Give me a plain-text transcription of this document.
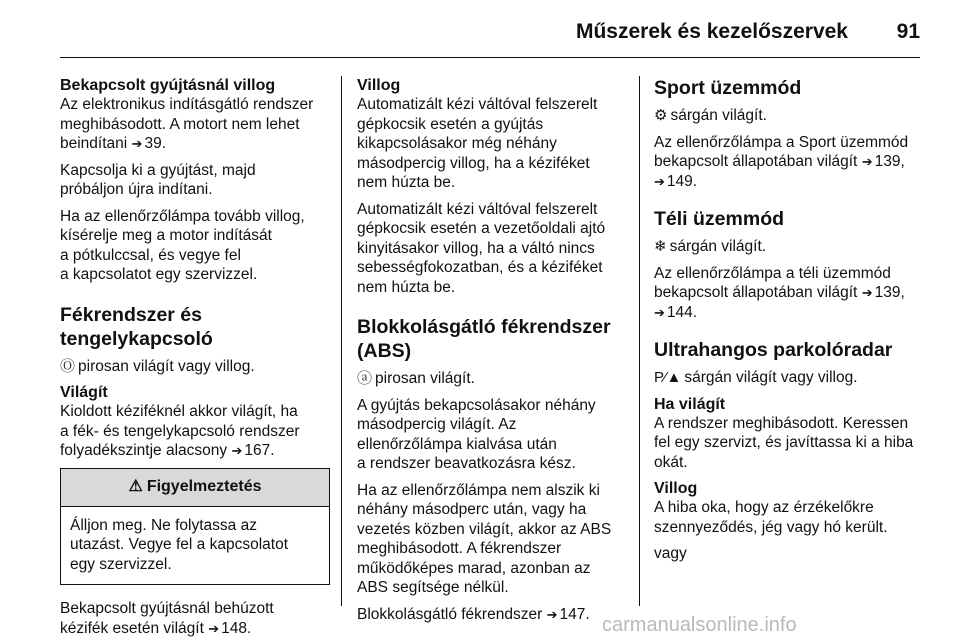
Műszerek és kezelőszervek 91
Bekapcsolt gyújtásnál villog

Az elektronikus indításgátló rendszer
meghibásodott. A motort nem lehet
beindítani ➔ 39.

Kapcsolja ki a gyújtást, majd
próbáljon újra indítani.

Ha az ellenőrzőlámpa tovább villog,
kísérelje meg a motor indítását
a pótkulccsal, és vegye fel
a kapcsolatot egy szervizzel.

Fékrendszer és
tengelykapcsoló

Ⓞ pirosan világít vagy villog.

Világít

Kioldott kéziféknél akkor világít, ha
a fék- és tengelykapcsoló rendszer
folyadékszintje alacsony ➔ 167.

⚠ Figyelmeztetés
Álljon meg. Ne folytassa az
utazást. Vegye fel a kapcsolatot
egy szervizzel.

Bekapcsolt gyújtásnál behúzott
kézifék esetén világít ➔ 148.

Villog

Automatizált kézi váltóval felszerelt
gépkocsik esetén a gyújtás
kikapcsolásakor még néhány
másodpercig villog, ha a kéziféket
nem húzta be.

Automatizált kézi váltóval felszerelt
gépkocsik esetén a vezetőoldali ajtó
kinyitásakor villog, ha a váltó nincs
sebességfokozatban, és a kéziféket
nem húzta be.

Blokkolásgátló fékrendszer
(ABS)

ⓐ pirosan világít.

A gyújtás bekapcsolásakor néhány
másodpercig világít. Az
ellenőrzőlámpa kialvása után
a rendszer beavatkozásra kész.

Ha az ellenőrzőlámpa nem alszik ki
néhány másodperc után, vagy ha
vezetés közben világít, akkor az ABS
meghibásodott. A fékrendszer
működőképes marad, azonban az
ABS segítsége nélkül.

Blokkolásgátló fékrendszer ➔ 147.

Sport üzemmód

⚙ sárgán világít.

Az ellenőrzőlámpa a Sport üzemmód
bekapcsolt állapotában világít ➔ 139,
➔ 149.

Téli üzemmód

❄ sárgán világít.

Az ellenőrzőlámpa a téli üzemmód
bekapcsolt állapotában világít ➔ 139,
➔ 144.

Ultrahangos parkolóradar

P⁄▲ sárgán világít vagy villog.

Ha világít

A rendszer meghibásodott. Keressen
fel egy szervizt, és javíttassa ki a hiba
okát.

Villog

A hiba oka, hogy az érzékelőkre
szennyeződés, jég vagy hó került.

vagy

carmanualsonline.info
